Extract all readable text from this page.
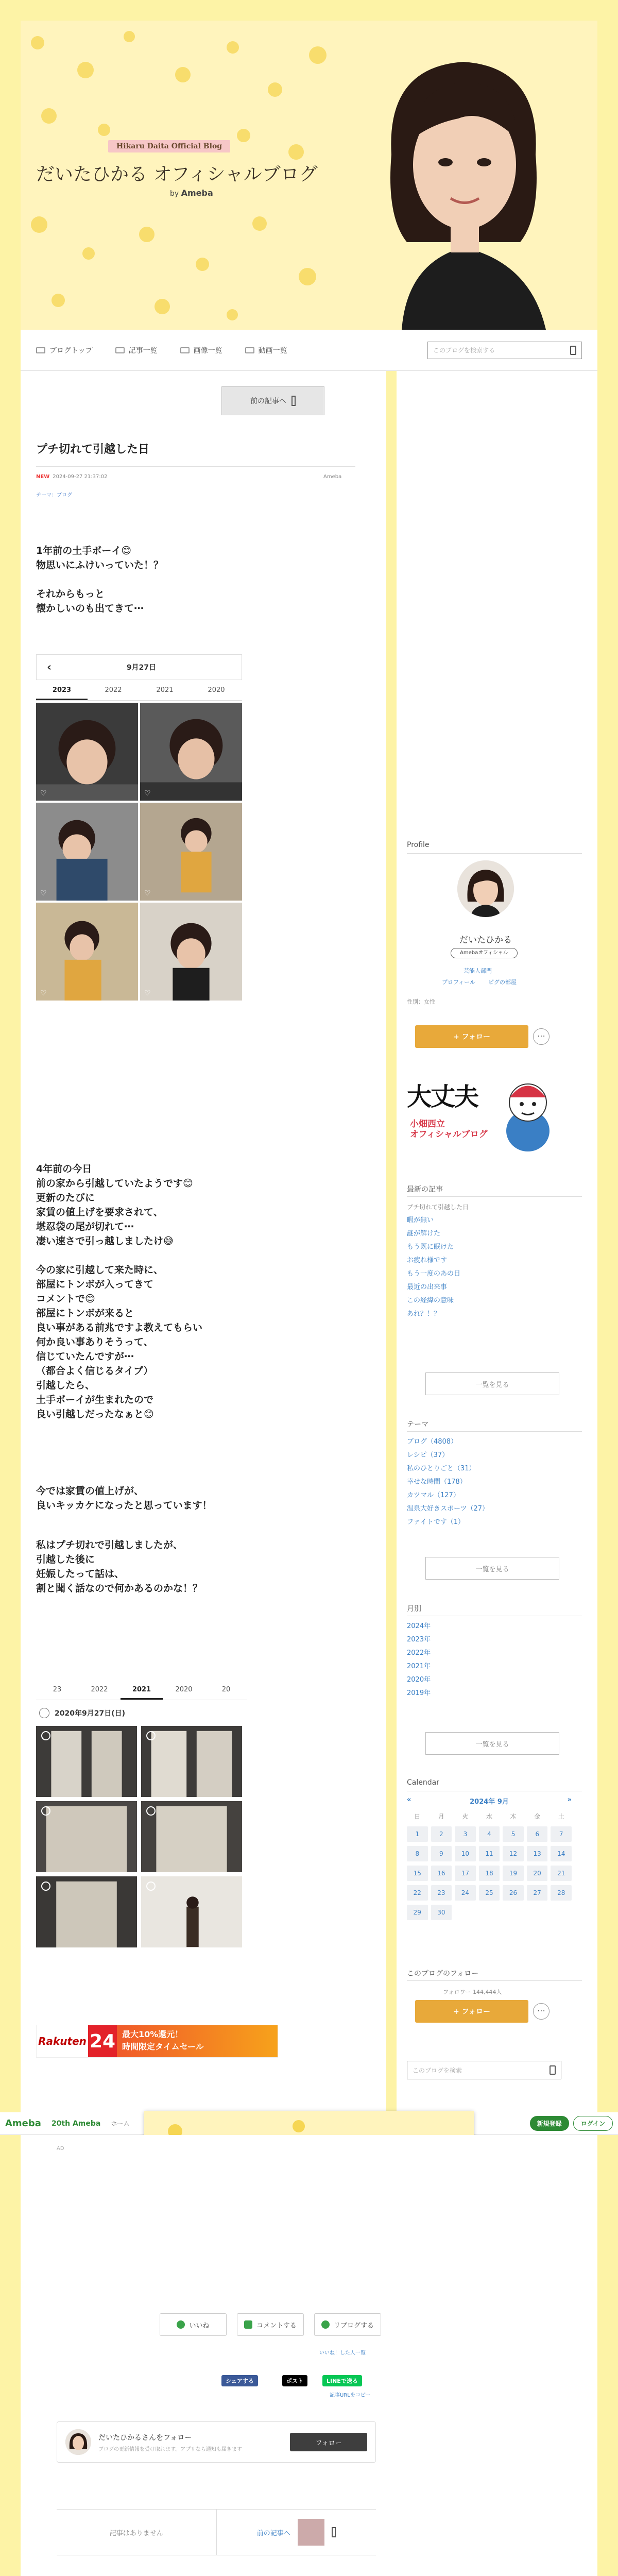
Hikaru Daita Official Blog
だいたひかる オフィシャルブログ
by Ameba
ブログトップ	記事一覧	画像一覧	動画一覧	このブログを検索する
前の記事へ
プチ切れて引越した日
NEW 2024-09-27 21:37:02	Ameba
テーマ：ブログ
1年前の土手ボーイ😊
物思いにふけいっていた！？

それからもっと
懐かしいのも出てきて⋯
‹	9月27日
2023	2022	2021	2020
♡	♡
♡	♡
♡	♡
4年前の今日
前の家から引越していたようです😊
更新のたびに
家賃の値上げを要求されて、
堪忍袋の尾が切れて⋯
凄い速さで引っ越しましたけ😅

今の家に引越して来た時に、
部屋にトンボが入ってきて
コメントで😊
部屋にトンボが来ると
良い事がある前兆ですよ教えてもらい
何か良い事ありそうって、
信じていたんですが⋯
（都合よく信じるタイプ）
引越したら、
土手ボーイが生まれたので
良い引越しだったなぁと😊
今では家賃の値上げが、
良いキッカケになったと思っています！
私はプチ切れで引越しましたが、
引越した後に
妊娠したって話は、
割と聞く話なので何かあるのかな！？
23	2022	2021	2020	20
2020年9月27日(日)
Rakuten 24 最大10%還元！
時間限定タイムセール
Profile
だいたひかる
Amebaオフィシャル
芸能人部門
プロフィール ピグの部屋
性別：女性
+ フォロー	⋯
大丈夫
小畑西立
オフィシャルブログ
最新の記事
プチ切れて引越した日
暇が無い
謎が解けた
もう既に眠けた
お疲れ様です
もう一度のあの日
最近の出来事
この経緯の意味
あれ？！？
一覧を見る
テーマ
ブログ（4808）
レシピ（37）
私のひとりごと（31）
幸せな時間（178）
カツマル（127）
温泉大好きスポーツ（27）
ファイトです（1）
一覧を見る
月別
2024年
2023年
2022年
2021年
2020年
2019年
一覧を見る
Calendar
«	2024年 9月	»
日	月	火	水	木	金	土
1	2	3	4	5	6	7
8	9	10	11	12	13	14
15	16	17	18	19	20	21
22	23	24	25	26	27	28
29	30
このブログのフォロー
フォロワー 144,444人
+ フォロー	⋯
このブログを検索
Ameba 20th Ameba ホーム	新規登録	ログイン
AD
いいね	コメントする	リブログする
いいね！した人一覧
シェアする	ポスト	LINEで送る
記事URLをコピー
だいたひかるさんをフォロー
ブログの更新情報を受け取れます。アプリなら通知も届きます
フォロー
記事はありません	前の記事へ
